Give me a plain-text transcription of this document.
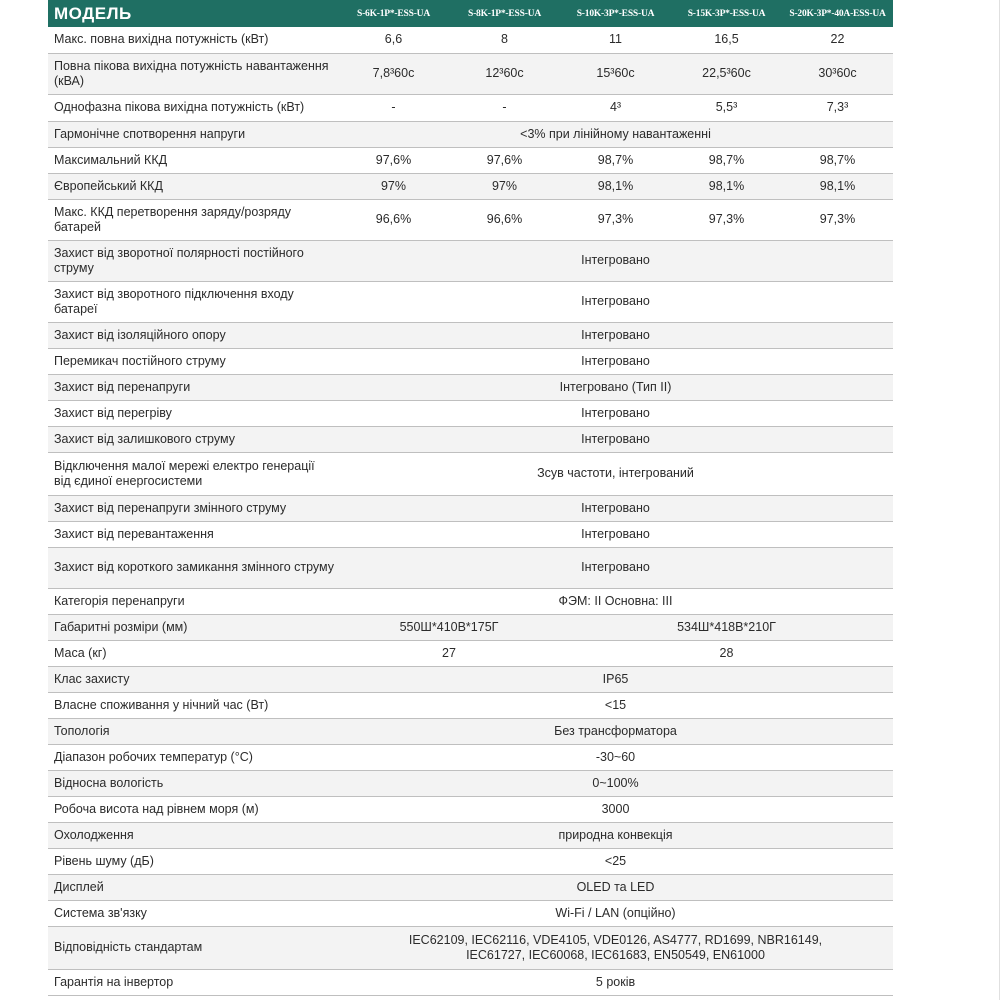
МОДЕЛЬ	S-6K-1P*-ESS-UA	S-8K-1P*-ESS-UA	S-10K-3P*-ESS-UA	S-15K-3P*-ESS-UA	S-20K-3P*-40A-ESS-UA
Макс. повна вихідна потужність (кВт)	6,6	8	11	16,5	22
Повна пікова вихідна потужність навантаження (кВА)	7,8³60с	12³60с	15³60с	22,5³60с	30³60с
Однофазна пікова вихідна потужність (кВт)	-	-	4³	5,5³	7,3³
Гармонічне спотворення напруги	<3% при лінійному навантаженні				
Максимальний ККД	97,6%	97,6%	98,7%	98,7%	98,7%
Європейський ККД	97%	97%	98,1%	98,1%	98,1%
Макс. ККД перетворення заряду/розряду батарей	96,6%	96,6%	97,3%	97,3%	97,3%
Захист від зворотної полярності постійного струму	Інтегровано				
Захист від зворотного підключення входу батареї	Інтегровано				
Захист від ізоляційного опору	Інтегровано				
Перемикач постійного струму	Інтегровано				
Захист від перенапруги	Інтегровано (Тип II)				
Захист від перегріву	Інтегровано				
Захист від залишкового струму	Інтегровано				
Відключення малої мережі електро генерації від єдиної енергосистеми	Зсув частоти, інтегрований				
Захист від перенапруги змінного струму	Інтегровано				
Захист від перевантаження	Інтегровано				
Захист від короткого замикання змінного струму	Інтегровано				
Категорія перенапруги	ФЭМ: II Основна: III				
Габаритні розміри (мм)	550Ш*410В*175Г		534Ш*418В*210Г		
Маса (кг)	27		28		
Клас захисту	IP65				
Власне споживання у нічний час (Вт)	<15				
Топологія	Без трансформатора				
Діапазон робочих температур (°C)	-30~60				
Відносна вологість	0~100%				
Робоча висота над рівнем моря (м)	3000				
Охолодження	природна конвекція				
Рівень шуму (дБ)	<25				
Дисплей	OLED та LED				
Система зв'язку	Wi-Fi / LAN (опційно)				
Відповідність стандартам	IEC62109, IEC62116, VDE4105, VDE0126, AS4777, RD1699, NBR16149, IEC61727, IEC60068, IEC61683, EN50549, EN61000				
Гарантія на інвертор	5 років				
